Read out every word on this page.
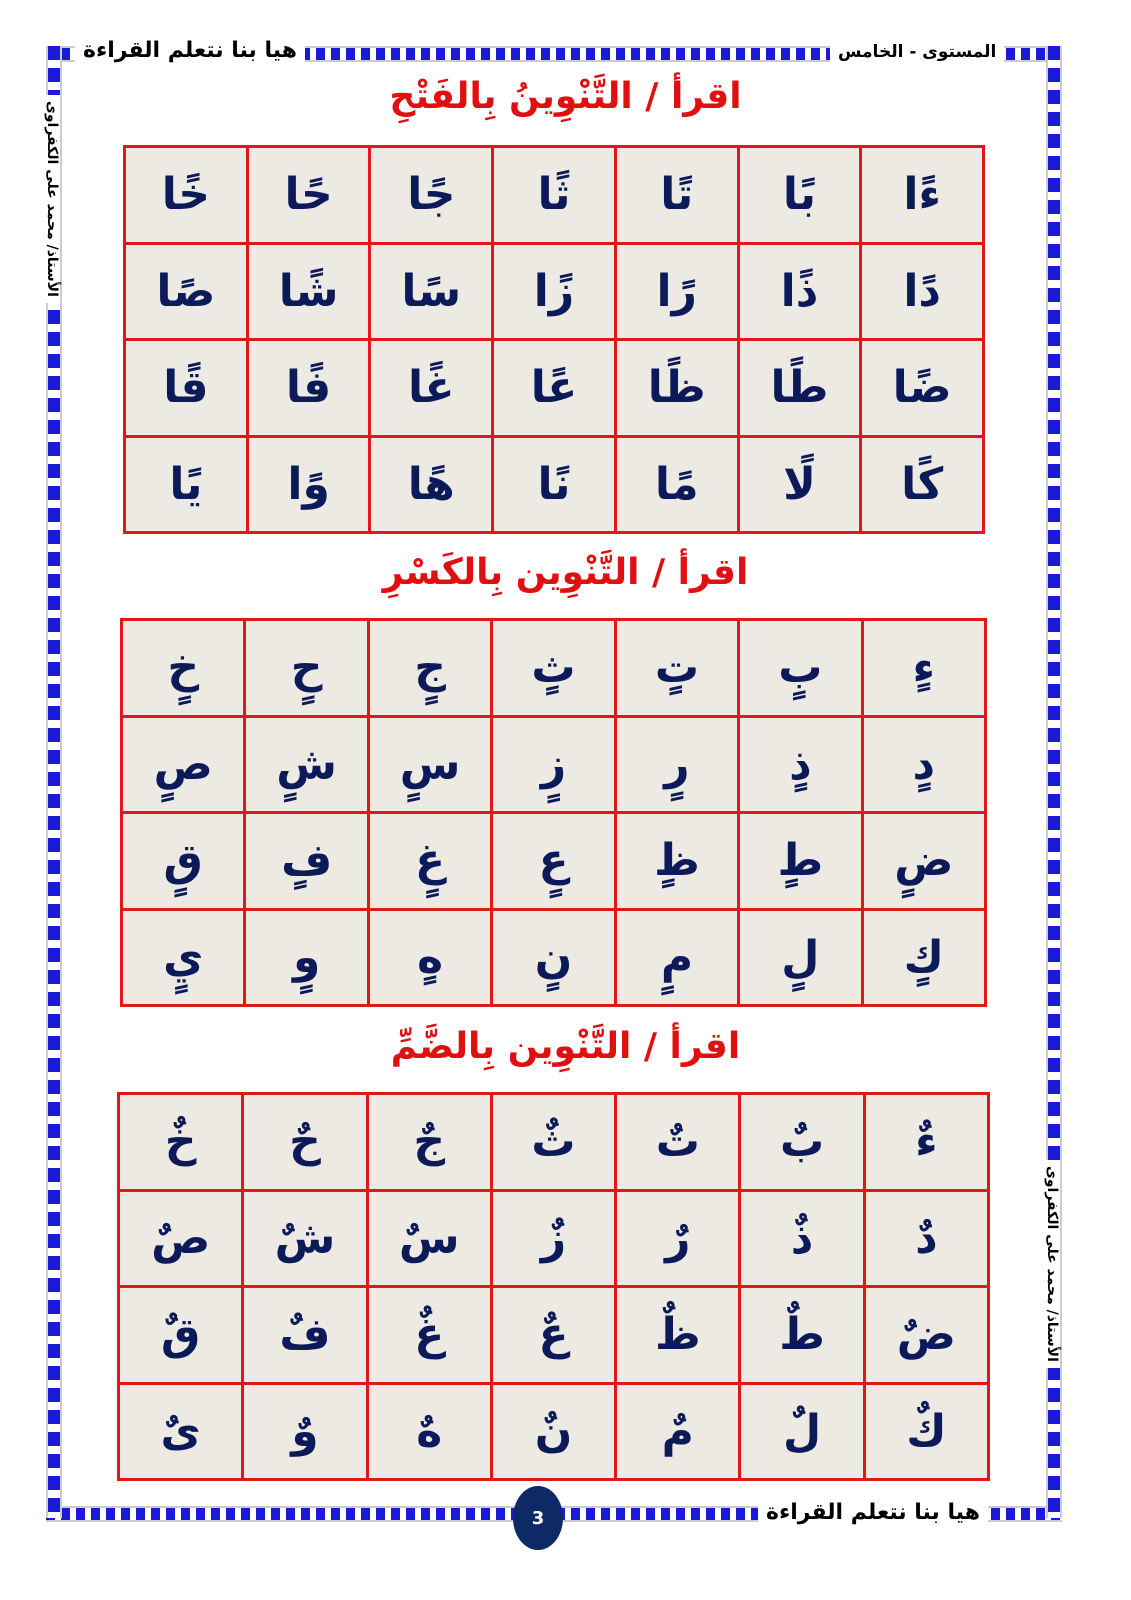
هيا بنا نتعلم القراءة	المستوى - الخامس
الأستاذ/ محمد على الكفراوى
الأستاذ/ محمد على الكفراوى
اقرأ / التَّنْوِينُ بِالفَتْحِ
ءًا
بًا
تًا
ثًا
جًا
حًا
خًا
دًا
ذًا
رًا
زًا
سًا
شًا
صًا
ضًا
طًا
ظًا
عًا
غًا
فًا
قًا
كًا
لًا
مًا
نًا
هًا
وًا
يًا
اقرأ / التَّنْوِين بِالكَسْرِ
ءٍ
بٍ
تٍ
ثٍ
جٍ
حٍ
خٍ
دٍ
ذٍ
رٍ
زٍ
سٍ
شٍ
صٍ
ضٍ
طٍ
ظٍ
عٍ
غٍ
فٍ
قٍ
كٍ
لٍ
مٍ
نٍ
هٍ
وٍ
يٍ
اقرأ / التَّنْوِين بِالضَّمِّ
ءٌ
بٌ
تٌ
ثٌ
جٌ
حٌ
خٌ
دٌ
ذٌ
رٌ
زٌ
سٌ
شٌ
صٌ
ضٌ
طٌ
ظٌ
عٌ
غٌ
فٌ
قٌ
كٌ
لٌ
مٌ
نٌ
هٌ
وٌ
ىٌ
هيا بنا نتعلم القراءة
3
